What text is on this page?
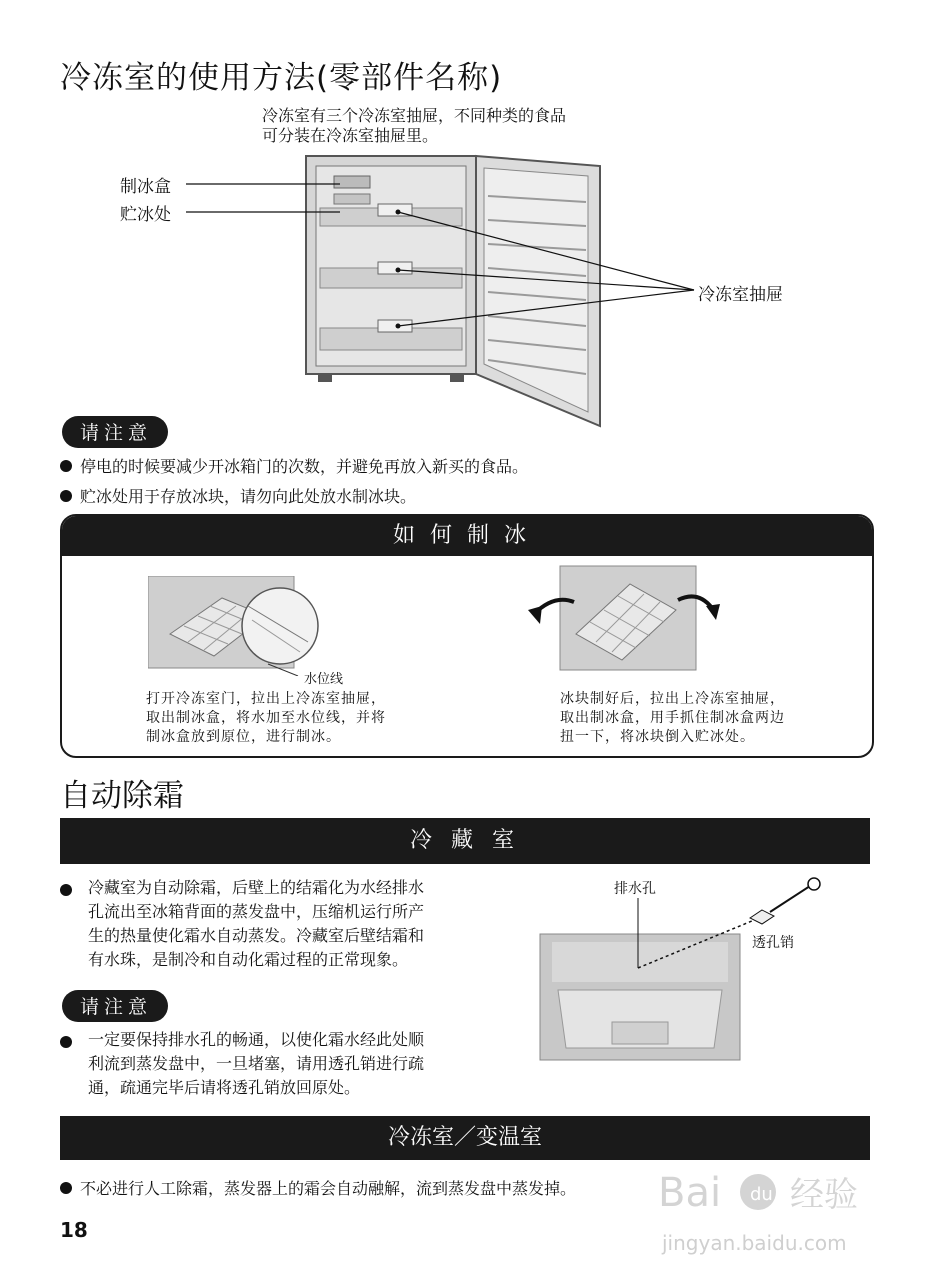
冷冻室的使用方法(零部件名称)
冷冻室有三个冷冻室抽屉，不同种类的食品
可分装在冷冻室抽屉里。
制冰盒
贮冰处
冷冻室抽屉
请注意
停电的时候要减少开冰箱门的次数，并避免再放入新买的食品。
贮冰处用于存放冰块，请勿向此处放水制冰块。
如何制冰
水位线
打开冷冻室门，拉出上冷冻室抽屉，
取出制冰盒，将水加至水位线，并将
制冰盒放到原位，进行制冰。
冰块制好后，拉出上冷冻室抽屉，
取出制冰盒，用手抓住制冰盒两边
扭一下，将冰块倒入贮冰处。
自动除霜
冷 藏 室
冷藏室为自动除霜，后壁上的结霜化为水经排水
孔流出至冰箱背面的蒸发盘中，压缩机运行所产
生的热量使化霜水自动蒸发。冷藏室后壁结霜和
有水珠，是制冷和自动化霜过程的正常现象。
请注意
一定要保持排水孔的畅通，以使化霜水经此处顺
利流到蒸发盘中，一旦堵塞，请用透孔销进行疏
通，疏通完毕后请将透孔销放回原处。
排水孔
透孔销
冷冻室／变温室
不必进行人工除霜，蒸发器上的霜会自动融解，流到蒸发盘中蒸发掉。
18
Bai du 经验
jingyan.baidu.com
